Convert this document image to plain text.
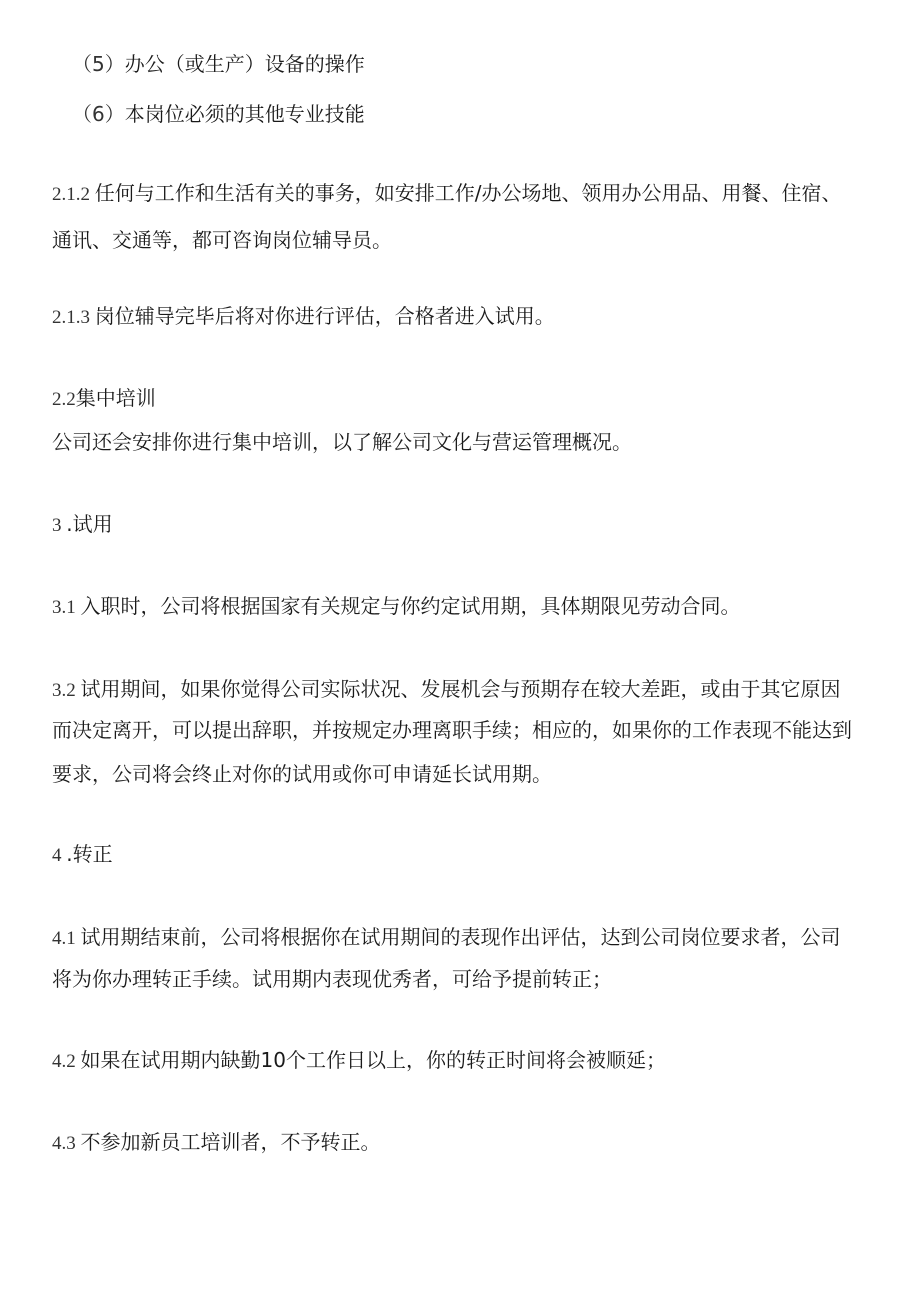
（5）办公（或生产）设备的操作
（6）本岗位必须的其他专业技能
2.1.2 任何与工作和生活有关的事务，如安排工作/办公场地、领用办公用品、用餐、住宿、
通讯、交通等，都可咨询岗位辅导员。
2.1.3 岗位辅导完毕后将对你进行评估，合格者进入试用。
2.2集中培训
公司还会安排你进行集中培训，以了解公司文化与营运管理概况。
3 .试用
3.1 入职时，公司将根据国家有关规定与你约定试用期，具体期限见劳动合同。
3.2 试用期间，如果你觉得公司实际状况、发展机会与预期存在较大差距，或由于其它原因
而决定离开，可以提出辞职，并按规定办理离职手续；相应的，如果你的工作表现不能达到
要求，公司将会终止对你的试用或你可申请延长试用期。
4 .转正
4.1 试用期结束前，公司将根据你在试用期间的表现作出评估，达到公司岗位要求者，公司
将为你办理转正手续。试用期内表现优秀者，可给予提前转正；
4.2 如果在试用期内缺勤10个工作日以上，你的转正时间将会被顺延；
4.3 不参加新员工培训者，不予转正。
